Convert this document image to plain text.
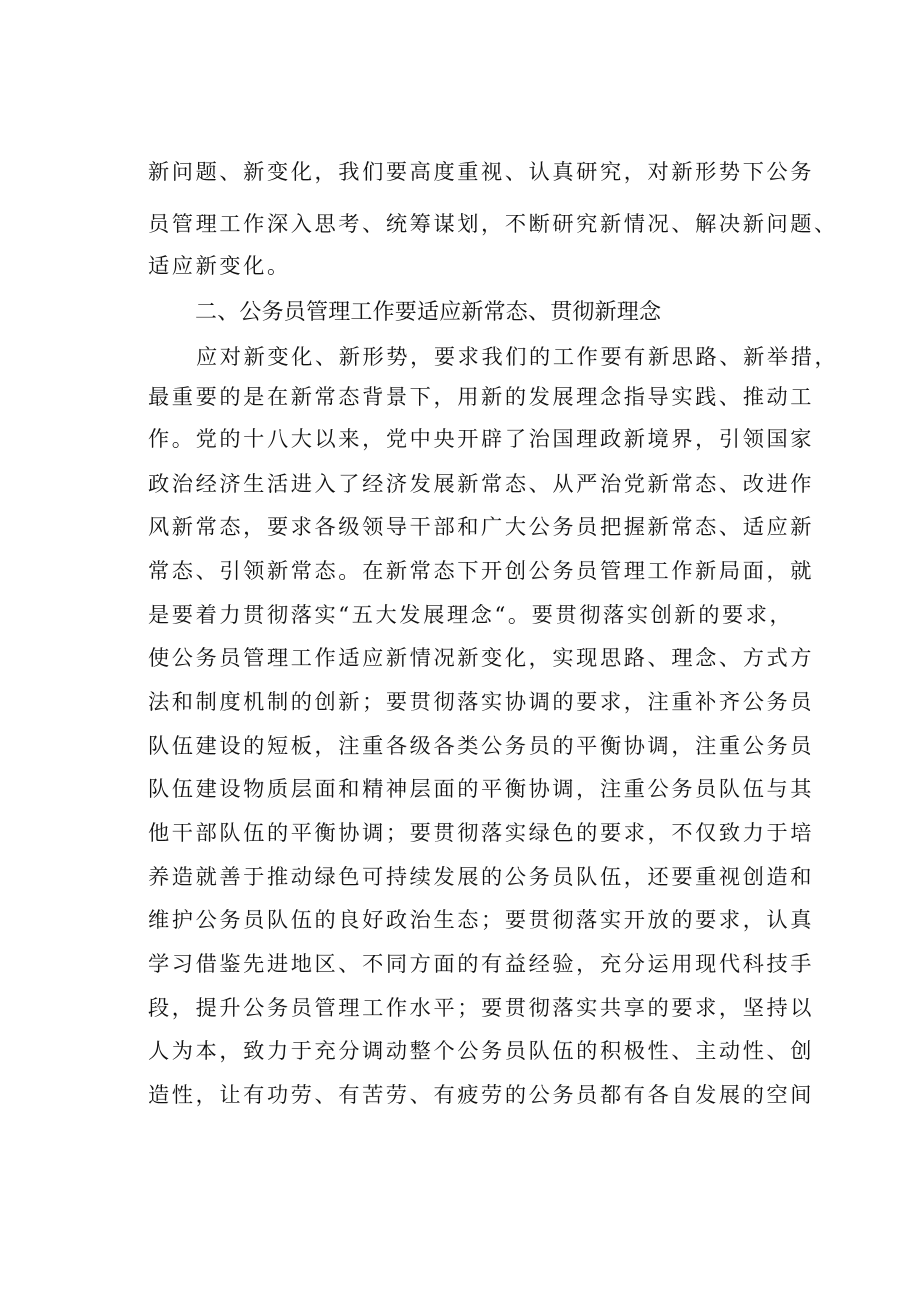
新问题、新变化，我们要高度重视、认真研究，对新形势下公务
员管理工作深入思考、统筹谋划，不断研究新情况、解决新问题、
适应新变化。
二、公务员管理工作要适应新常态、贯彻新理念
应对新变化、新形势，要求我们的工作要有新思路、新举措，
最重要的是在新常态背景下，用新的发展理念指导实践、推动工
作。党的十八大以来，党中央开辟了治国理政新境界，引领国家
政治经济生活进入了经济发展新常态、从严治党新常态、改进作
风新常态，要求各级领导干部和广大公务员把握新常态、适应新
常态、引领新常态。在新常态下开创公务员管理工作新局面，就
是要着力贯彻落实“五大发展理念“。要贯彻落实创新的要求，
使公务员管理工作适应新情况新变化，实现思路、理念、方式方
法和制度机制的创新；要贯彻落实协调的要求，注重补齐公务员
队伍建设的短板，注重各级各类公务员的平衡协调，注重公务员
队伍建设物质层面和精神层面的平衡协调，注重公务员队伍与其
他干部队伍的平衡协调；要贯彻落实绿色的要求，不仅致力于培
养造就善于推动绿色可持续发展的公务员队伍，还要重视创造和
维护公务员队伍的良好政治生态；要贯彻落实开放的要求，认真
学习借鉴先进地区、不同方面的有益经验，充分运用现代科技手
段，提升公务员管理工作水平；要贯彻落实共享的要求，坚持以
人为本，致力于充分调动整个公务员队伍的积极性、主动性、创
造性，让有功劳、有苦劳、有疲劳的公务员都有各自发展的空间
